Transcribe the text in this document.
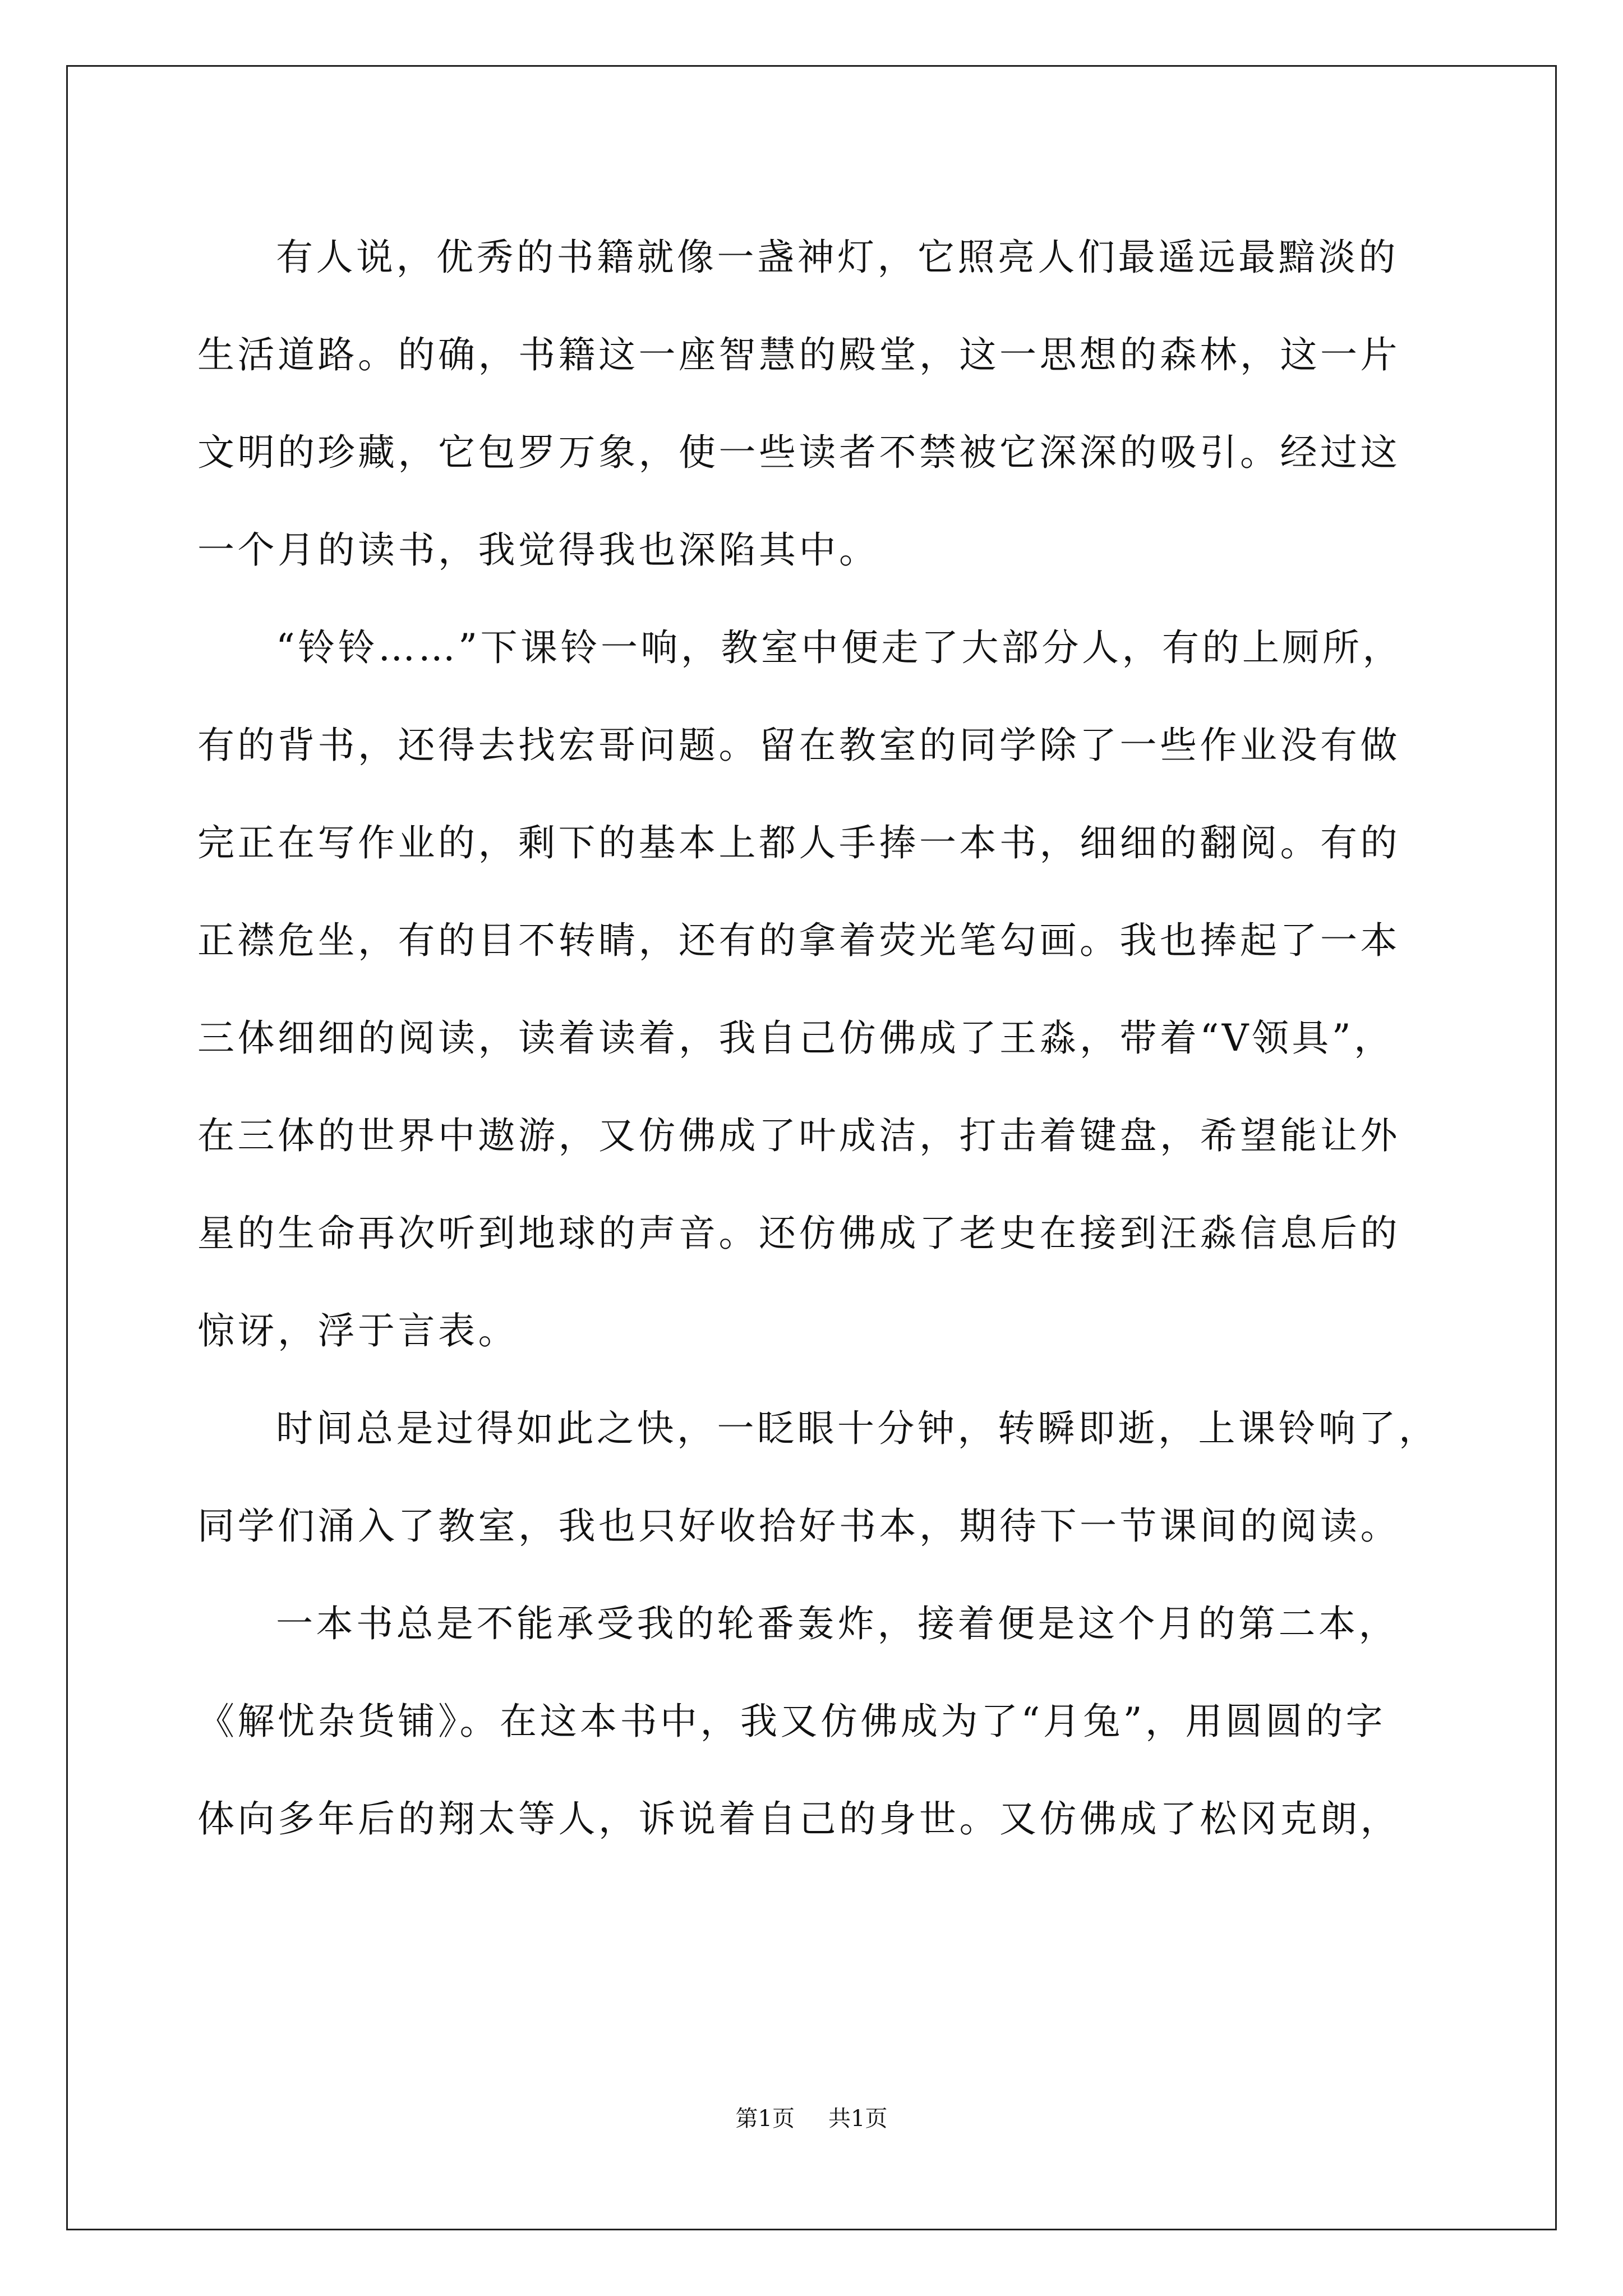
有人说，优秀的书籍就像一盏神灯，它照亮人们最遥远最黯淡的
生活道路。的确，书籍这一座智慧的殿堂，这一思想的森林，这一片
文明的珍藏，它包罗万象，使一些读者不禁被它深深的吸引。经过这
一个月的读书，我觉得我也深陷其中。
“铃铃……”下课铃一响，教室中便走了大部分人，有的上厕所，
有的背书，还得去找宏哥问题。留在教室的同学除了一些作业没有做
完正在写作业的，剩下的基本上都人手捧一本书，细细的翻阅。有的
正襟危坐，有的目不转睛，还有的拿着荧光笔勾画。我也捧起了一本
三体细细的阅读，读着读着，我自己仿佛成了王淼，带着“V领具”，
在三体的世界中遨游，又仿佛成了叶成洁，打击着键盘，希望能让外
星的生命再次听到地球的声音。还仿佛成了老史在接到汪淼信息后的
惊讶，浮于言表。
时间总是过得如此之快，一眨眼十分钟，转瞬即逝，上课铃响了，
同学们涌入了教室，我也只好收拾好书本，期待下一节课间的阅读。
一本书总是不能承受我的轮番轰炸，接着便是这个月的第二本，
《解忧杂货铺》。在这本书中，我又仿佛成为了“月兔”，用圆圆的字
体向多年后的翔太等人，诉说着自己的身世。又仿佛成了松冈克朗，
第1页 共1页
